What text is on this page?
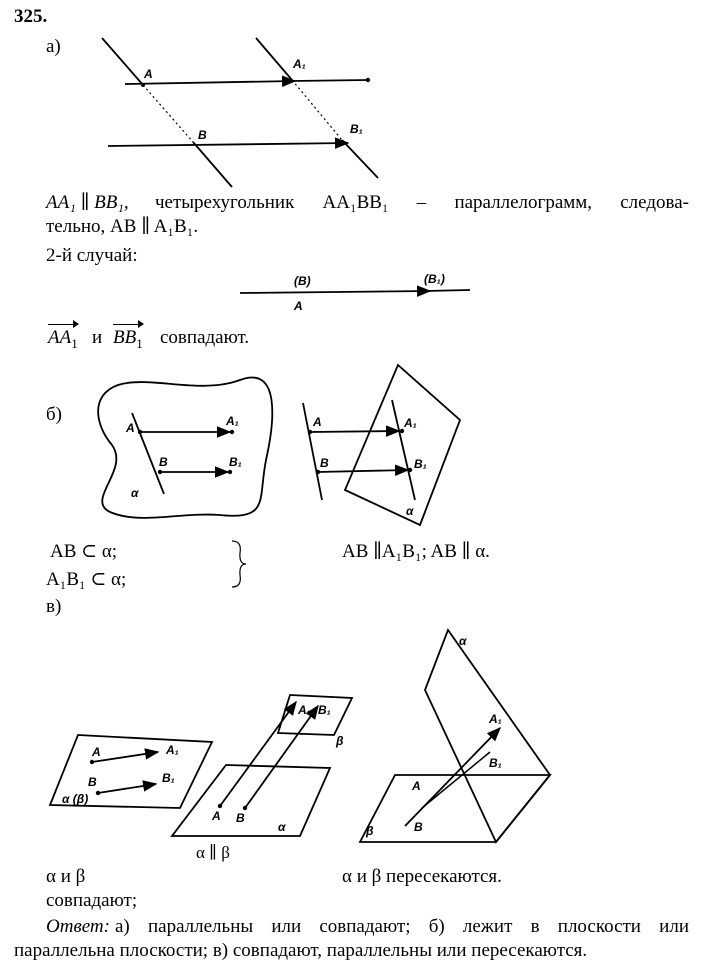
A
A₁
B	B₁
(B)	(B₁)
A
A	A₁
B	B₁
α
A	A₁
B	B₁
α
A	A₁
B	B₁
α (β)
A B
A₁ B₁
β
α
α
A₁
B₁
A
B
β
325.
а)
AA₁ ∥ BB₁, четырехугольник AA₁BB₁ – параллелограмм, следова-
тельно, AB ∥ A₁B₁.
2-й случай:
$AA_1$ и $BB_1$ совпадают.
б)
AB ⊂ α;
A₁B₁ ⊂ α;
AB ∥A₁B₁; AB ∥ α.
в)
α и β	α и β пересекаются.
совпадают;
α ∥ β
Ответ: а) параллельны или совпадают; б) лежит в плоскости или
параллельна плоскости; в) совпадают, параллельны или пересекаются.
